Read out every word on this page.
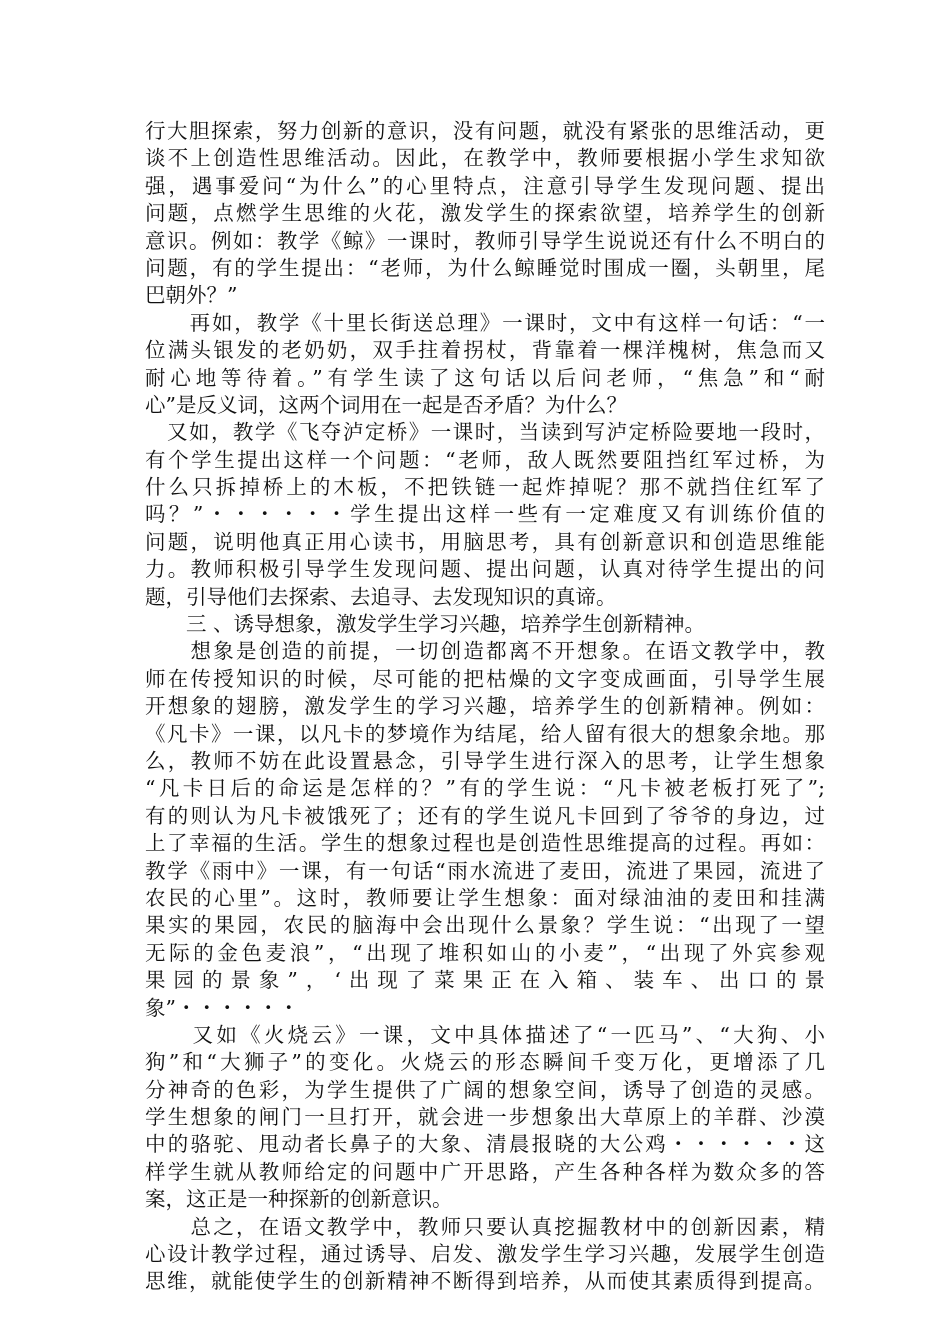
行大胆探索，努力创新的意识，没有问题，就没有紧张的思维活动，更
谈不上创造性思维活动。因此，在教学中，教师要根据小学生求知欲
强，遇事爱问“为什么”的心里特点，注意引导学生发现问题、提出
问题，点燃学生思维的火花，激发学生的探索欲望，培养学生的创新
意识。例如：教学《鲸》一课时，教师引导学生说说还有什么不明白的
问题，有的学生提出：“老师，为什么鲸睡觉时围成一圈，头朝里，尾
巴朝外？”
　　再如，教学《十里长街送总理》一课时，文中有这样一句话：“一
位满头银发的老奶奶，双手拄着拐杖，背靠着一棵洋槐树，焦急而又
耐心地等待着。”有学生读了这句话以后问老师，“焦急”和“耐
心”是反义词，这两个词用在一起是否矛盾？为什么？
　又如，教学《飞夺泸定桥》一课时，当读到写泸定桥险要地一段时，
有个学生提出这样一个问题：“老师，敌人既然要阻挡红军过桥，为
什么只拆掉桥上的木板，不把铁链一起炸掉呢？那不就挡住红军了
吗？”・・・・・・学生提出这样一些有一定难度又有训练价值的
问题，说明他真正用心读书，用脑思考，具有创新意识和创造思维能
力。教师积极引导学生发现问题、提出问题，认真对待学生提出的问
题，引导他们去探索、去追寻、去发现知识的真谛。
　　三 、诱导想象，激发学生学习兴趣，培养学生创新精神。
　　想象是创造的前提，一切创造都离不开想象。在语文教学中，教
师在传授知识的时候，尽可能的把枯燥的文字变成画面，引导学生展
开想象的翅膀，激发学生的学习兴趣，培养学生的创新精神。例如：
《凡卡》一课，以凡卡的梦境作为结尾，给人留有很大的想象余地。那
么，教师不妨在此设置悬念，引导学生进行深入的思考，让学生想象
“凡卡日后的命运是怎样的？”有的学生说：“凡卡被老板打死了”;
有的则认为凡卡被饿死了；还有的学生说凡卡回到了爷爷的身边，过
上了幸福的生活。学生的想象过程也是创造性思维提高的过程。再如：
教学《雨中》一课，有一句话“雨水流进了麦田，流进了果园，流进了
农民的心里”。这时，教师要让学生想象：面对绿油油的麦田和挂满
果实的果园，农民的脑海中会出现什么景象？学生说：“出现了一望
无际的金色麦浪”，“出现了堆积如山的小麦”，“出现了外宾参观
果园的景象”，‘出现了菜果正在入箱、装车、出口的景
象”・・・・・・
　　又如《火烧云》一课，文中具体描述了“一匹马”、“大狗、小
狗”和“大狮子”的变化。火烧云的形态瞬间千变万化，更增添了几
分神奇的色彩，为学生提供了广阔的想象空间，诱导了创造的灵感。
学生想象的闸门一旦打开，就会进一步想象出大草原上的羊群、沙漠
中的骆驼、甩动者长鼻子的大象、清晨报晓的大公鸡・・・・・・这
样学生就从教师给定的问题中广开思路，产生各种各样为数众多的答
案，这正是一种探新的创新意识。
　　总之，在语文教学中，教师只要认真挖掘教材中的创新因素，精
心设计教学过程，通过诱导、启发、激发学生学习兴趣，发展学生创造
思维，就能使学生的创新精神不断得到培养，从而使其素质得到提高。
